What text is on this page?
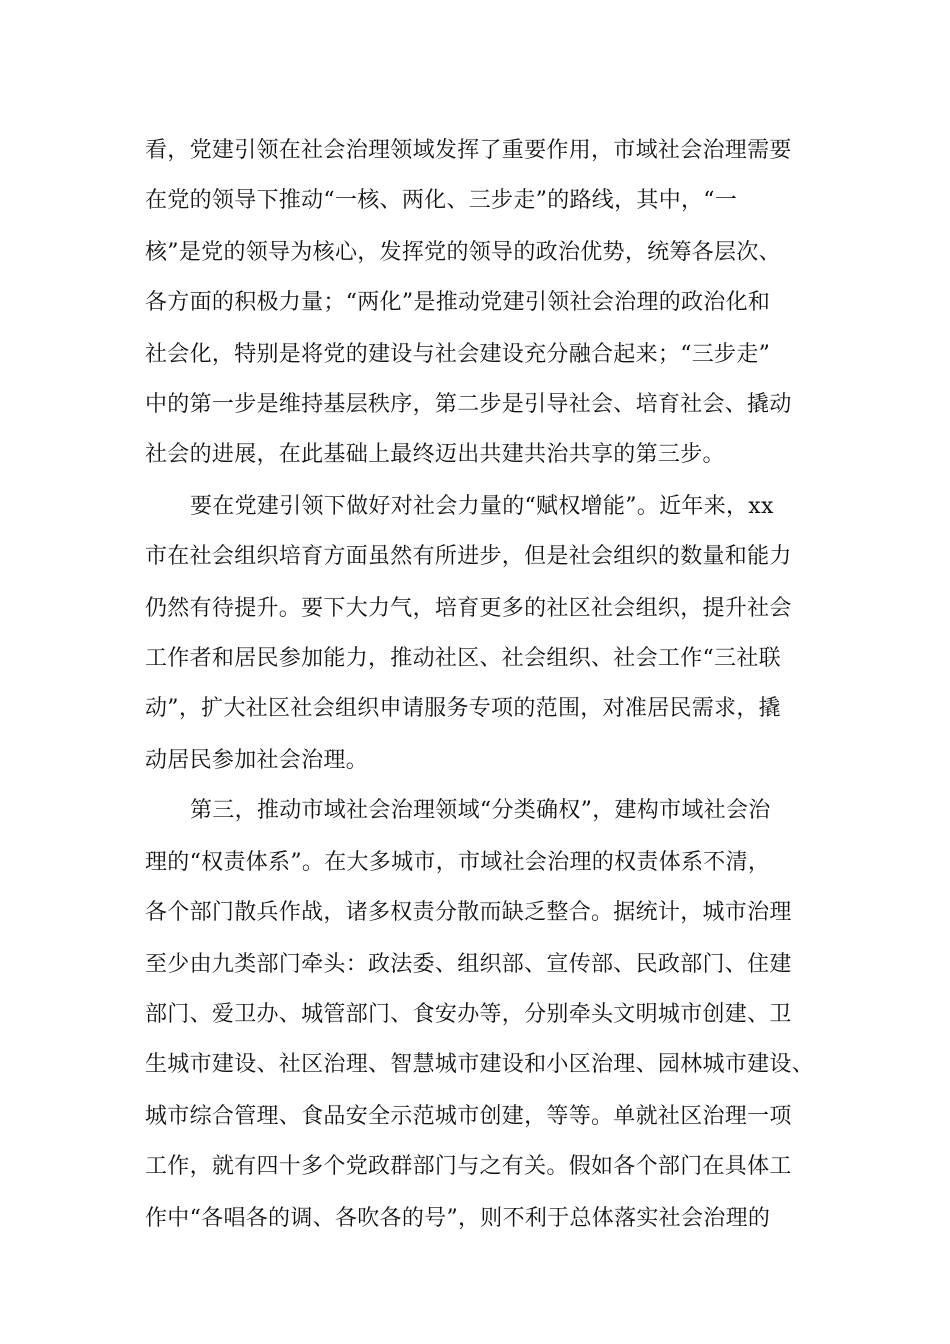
看，党建引领在社会治理领域发挥了重要作用，市域社会治理需要
在党的领导下推动“一核、两化、三步走”的路线，其中，“一
核”是党的领导为核心，发挥党的领导的政治优势，统筹各层次、
各方面的积极力量；“两化”是推动党建引领社会治理的政治化和
社会化，特别是将党的建设与社会建设充分融合起来；“三步走”
中的第一步是维持基层秩序，第二步是引导社会、培育社会、撬动
社会的进展，在此基础上最终迈出共建共治共享的第三步。
要在党建引领下做好对社会力量的“赋权增能”。近年来，xx
市在社会组织培育方面虽然有所进步，但是社会组织的数量和能力
仍然有待提升。要下大力气，培育更多的社区社会组织，提升社会
工作者和居民参加能力，推动社区、社会组织、社会工作“三社联
动”，扩大社区社会组织申请服务专项的范围，对准居民需求，撬
动居民参加社会治理。
第三，推动市域社会治理领域“分类确权”，建构市域社会治
理的“权责体系”。在大多城市，市域社会治理的权责体系不清，
各个部门散兵作战，诸多权责分散而缺乏整合。据统计，城市治理
至少由九类部门牵头：政法委、组织部、宣传部、民政部门、住建
部门、爱卫办、城管部门、食安办等，分别牵头文明城市创建、卫
生城市建设、社区治理、智慧城市建设和小区治理、园林城市建设、
城市综合管理、食品安全示范城市创建，等等。单就社区治理一项
工作，就有四十多个党政群部门与之有关。假如各个部门在具体工
作中“各唱各的调、各吹各的号”，则不利于总体落实社会治理的
